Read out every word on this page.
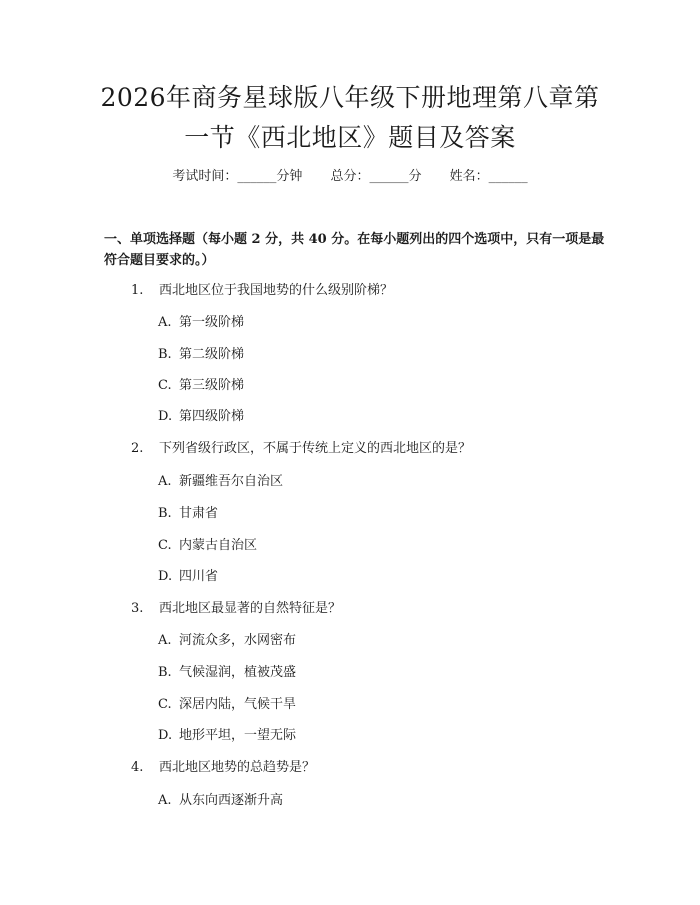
2026年商务星球版八年级下册地理第八章第
一节《西北地区》题目及答案
考试时间：______分钟 总分：______分 姓名：______

一、单项选择题（每小题 2 分，共 40 分。在每小题列出的四个选项中，只有一项是最符合题目要求的。）

1. 西北地区位于我国地势的什么级别阶梯？
A. 第一级阶梯
B. 第二级阶梯
C. 第三级阶梯
D. 第四级阶梯
2. 下列省级行政区，不属于传统上定义的西北地区的是？
A. 新疆维吾尔自治区
B. 甘肃省
C. 内蒙古自治区
D. 四川省
3. 西北地区最显著的自然特征是？
A. 河流众多，水网密布
B. 气候湿润，植被茂盛
C. 深居内陆，气候干旱
D. 地形平坦，一望无际
4. 西北地区地势的总趋势是？
A. 从东向西逐渐升高
